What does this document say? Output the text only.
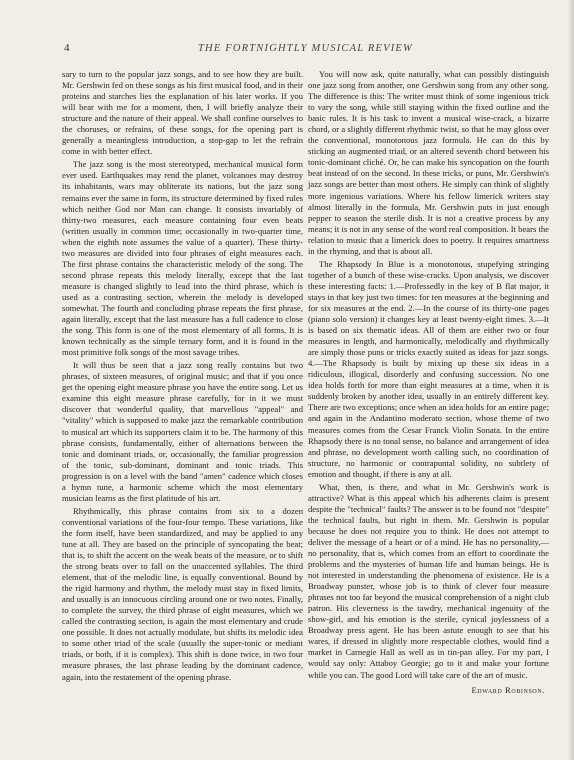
4	THE FORTNIGHTLY MUSICAL REVIEW

sary to turn to the popular jazz songs, and to see how they are built. Mr. Gershwin fed on these songs as his first musical food, and in their proteins and starches lies the explanation of his later works. If you will bear with me for a moment, then, I will briefly analyze their structure and the nature of their appeal. We shall confine ourselves to the choruses, or refrains, of these songs, for the opening part is generally a meaningless introduction, a stop-gap to let the refrain come in with better effect.

The jazz song is the most stereotyped, mechanical musical form ever used. Earthquakes may rend the planet, volcanoes may destroy its inhabitants, wars may obliterate its nations, but the jazz song remains ever the same in form, its structure determined by fixed rules which neither God nor Man can change. It consists invariably of thirty-two measures, each measure containing four even beats (written usually in common time; occasionally in two-quarter time, when the eighth note assumes the value of a quarter). These thirty-two measures are divided into four phrases of eight measures each. The first phrase contains the characteristic melody of the song. The second phrase repeats this melody literally, except that the last measure is changed slightly to lead into the third phrase, which is used as a contrasting section, wherein the melody is developed somewhat. The fourth and concluding phrase repeats the first phrase, again literally, except that the last measure has a full cadence to close the song. This form is one of the most elementary of all forms. It is known technically as the simple ternary form, and it is found in the most primitive folk songs of the most savage tribes.

It will thus be seen that a jazz song really contains but two phrases, of sixteen measures, of original music; and that if you once get the opening eight measure phrase you have the entire song. Let us examine this eight measure phrase carefully, for in it we must discover that wonderful quality, that marvellous "appeal" and "vitality" which is supposed to make jazz the remarkable contribution to musical art which its supporters claim it to be. The harmony of this phrase consists, fundamentally, either of alternations between the tonic and dominant triads, or, occasionally, the familiar progression of the tonic, sub-dominant, dominant and tonic triads. This progression is on a level with the band "amen" cadence which closes a hymn tune, a harmonic scheme which the most elementary musician learns as the first platitude of his art.

Rhythmically, this phrase contains from six to a dozen conventional variations of the four-four tempo. These variations, like the form itself, have been standardized, and may be applied to any tune at all. They are based on the principle of syncopating the beat; that is, to shift the accent on the weak beats of the measure, or to shift the strong beats over to fall on the unaccented syllables. The third element, that of the melodic line, is equally conventional. Bound by the rigid harmony and rhythm, the melody must stay in fixed limits, and usually is an innocuous circling around one or two notes. Finally, to complete the survey, the third phrase of eight measures, which we called the contrasting section, is again the most elementary and crude one possible. It does not actually modulate, but shifts its melodic idea to some other triad of the scale (usually the super-tonic or mediant triads, or both, if it is complex). This shift is done twice, in two four measure phrases, the last phrase leading by the dominant cadence, again, into the restatement of the opening phrase.

You will now ask, quite naturally, what can possibly distinguish one jazz song from another, one Gershwin song from any other song. The difference is this: The writer must think of some ingenious trick to vary the song, while still staying within the fixed outline and the basic rules. It is his task to invent a musical wise-crack, a bizarre chord, or a slightly different rhythmic twist, so that he may gloss over the conventional, monotonous jazz formula. He can do this by sticking an augmented triad, or an altered seventh chord between his tonic-dominant cliché. Or, he can make his syncopation on the fourth beat instead of on the second. In these tricks, or puns, Mr. Gershwin's jazz songs are better than most others. He simply can think of slightly more ingenious variations. Where his fellow limerick writers stay almost literally in the formula, Mr. Gershwin puts in just enough pepper to season the sterile dish. It is not a creative process by any means; it is not in any sense of the word real composition. It bears the relation to music that a limerick does to poetry. It requires smartness in the rhyming, and that is about all.

The Rhapsody In Blue is a monotonous, stupefying stringing together of a bunch of these wise-cracks. Upon analysis, we discover these interesting facts: 1.—Professedly in the key of B flat major, it stays in that key just two times: for ten measures at the beginning and for six measures at the end. 2.—In the course of its thirty-one pages (piano solo version) it changes key at least twenty-eight times. 3.—It is based on six thematic ideas. All of them are either two or four measures in length, and harmonically, melodically and rhythmically are simply those puns or tricks exactly suited as ideas for jazz songs. 4.—The Rhapsody is built by mixing up these six ideas in a ridiculous, illogical, disorderly and confusing succession. No one idea holds forth for more than eight measures at a time, when it is suddenly broken by another idea, usually in an entirely different key. There are two exceptions; once when an idea holds for an entire page; and again in the Andantino moderato section, whose theme of two measures comes from the Cesar Franck Violin Sonata. In the entire Rhapsody there is no tonal sense, no balance and arrangement of idea and phrase, no development worth calling such, no coordination of structure, no harmonic or contrapuntal solidity, no subtlety of emotion and thought, if there is any at all.

What, then, is there, and what in Mr. Gershwin's work is attractive? What is this appeal which his adherents claim is present despite the "technical" faults? The answer is to be found not "despite" the technical faults, but right in them. Mr. Gershwin is popular because he does not require you to think. He does not attempt to deliver the message of a heart or of a mind. He has no personality,—no personality, that is, which comes from an effort to coordinate the problems and the mysteries of human life and human beings. He is not interested in understanding the phenomena of existence. He is a Broadway punster, whose job is to think of clever four measure phrases not too far beyond the musical comprehension of a night club patron. His cleverness is the tawdry, mechanical ingenuity of the show-girl, and his emotion is the sterile, cynical joylessness of a Broadway press agent. He has been astute enough to see that his wares, if dressed in slightly more respectable clothes, would find a market in Carnegie Hall as well as in tin-pan alley. For my part, I would say only: Attaboy Georgie; go to it and make your fortune while you can. The good Lord will take care of the art of music.

Edward Robinson.
